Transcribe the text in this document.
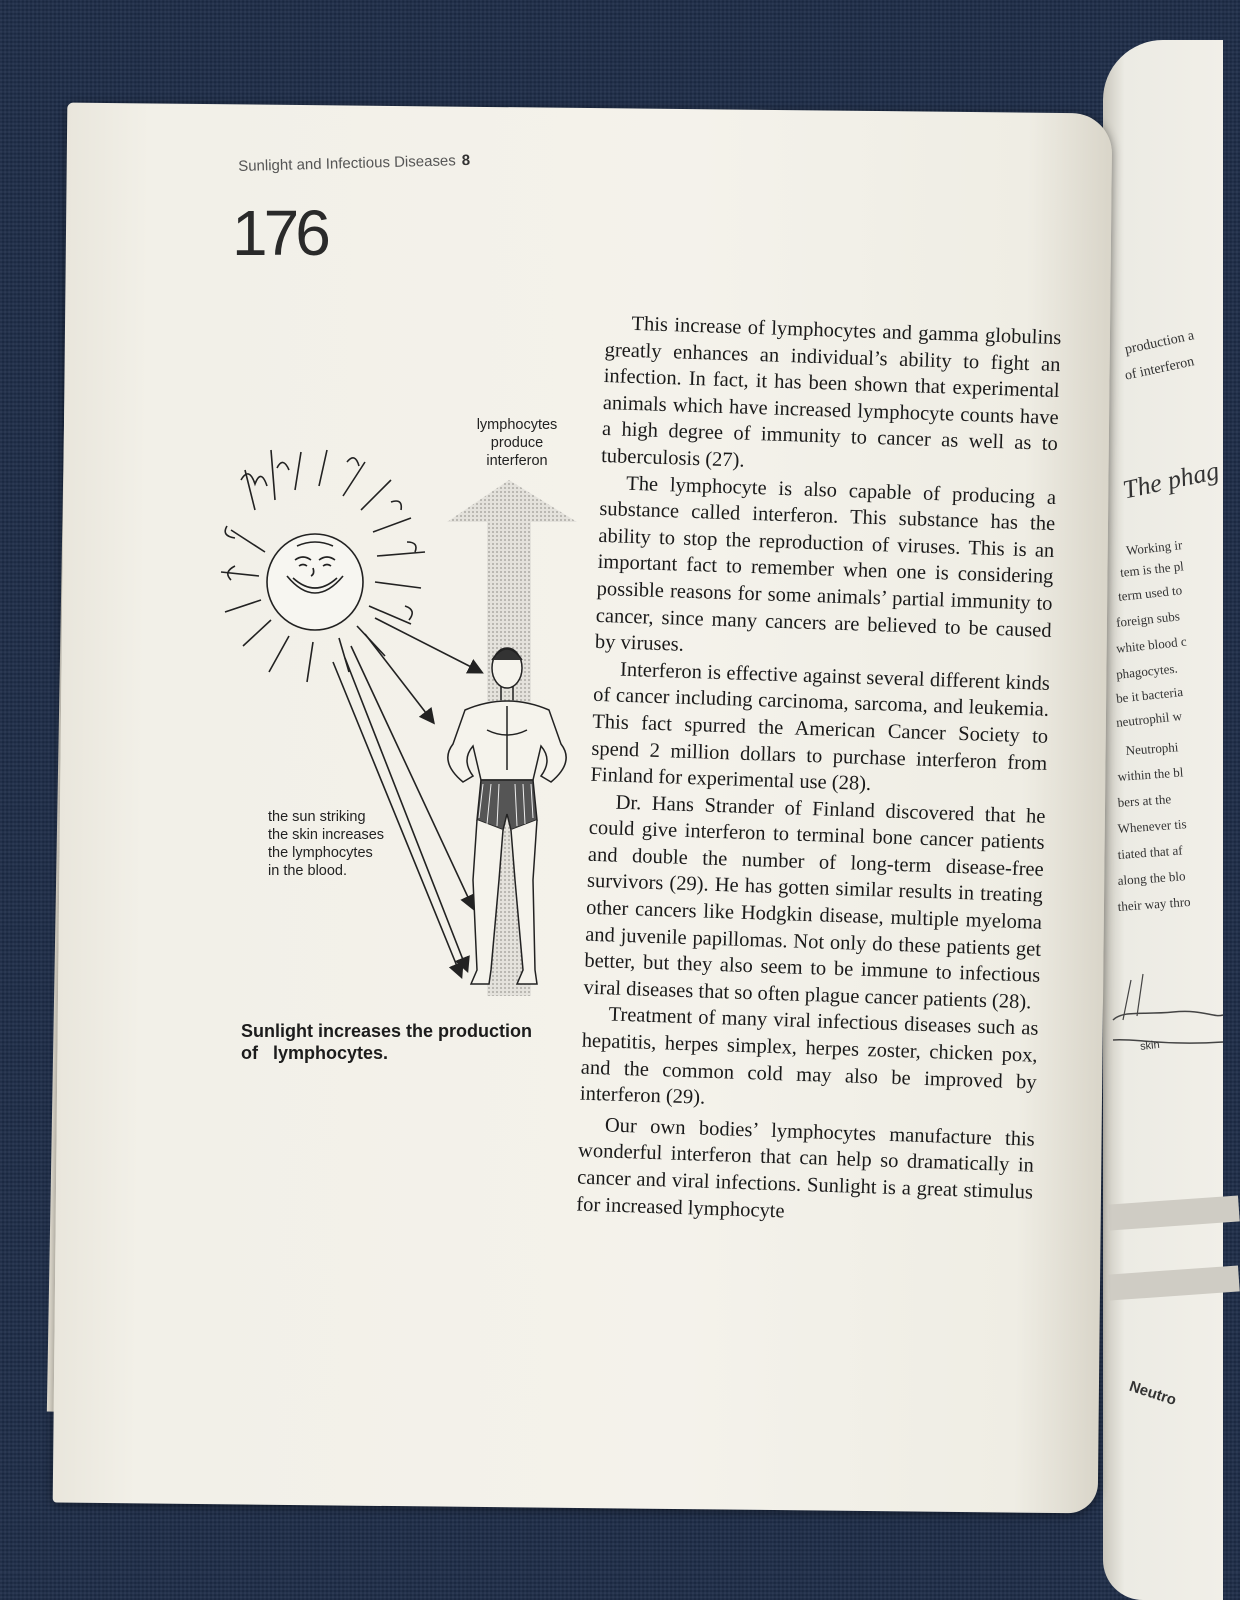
production a
of interferon
The phag
Working ir
tem is the pl
term used to
foreign subs
white blood c
phagocytes.
be it bacteria
neutrophil w
Neutrophi
within the bl
bers at the
Whenever tis
tiated that af
along the blo
their way thro
skin
Neutro
Sunlight and Infectious Diseases 8
176
lymphocytes
produce
interferon
the sun striking
the skin increases
the lymphocytes
in the blood.
Sunlight increases the production
of   lymphocytes.

This increase of lymphocytes and gamma globulins greatly enhances an individual’s ability to fight an infection. In fact, it has been shown that experimental animals which have increased lymphocyte counts have a high degree of immunity to cancer as well as to tuberculosis (27).

The lymphocyte is also capable of producing a substance called interferon. This substance has the ability to stop the reproduction of viruses. This is an important fact to remember when one is considering possible reasons for some animals’ partial immunity to cancer, since many cancers are believed to be caused by viruses.

Interferon is effective against several different kinds of cancer including carcinoma, sarcoma, and leukemia. This fact spurred the American Cancer Society to spend 2 million dollars to purchase interferon from Finland for experimental use (28).

Dr. Hans Strander of Finland discovered that he could give interferon to terminal bone cancer patients and double the number of long-term disease-free survivors (29). He has gotten similar results in treating other cancers like Hodgkin disease, multiple myeloma and juvenile papillomas. Not only do these patients get better, but they also seem to be immune to infectious viral diseases that so often plague cancer patients (28).

Treatment of many viral infectious diseases such as hepatitis, herpes simplex, herpes zoster, chicken pox, and the common cold may also be improved by interferon (29).

Our own bodies’ lymphocytes manufacture this wonderful interferon that can help so dramatically in cancer and viral infections. Sunlight is a great stimulus for increased lymphocyte
